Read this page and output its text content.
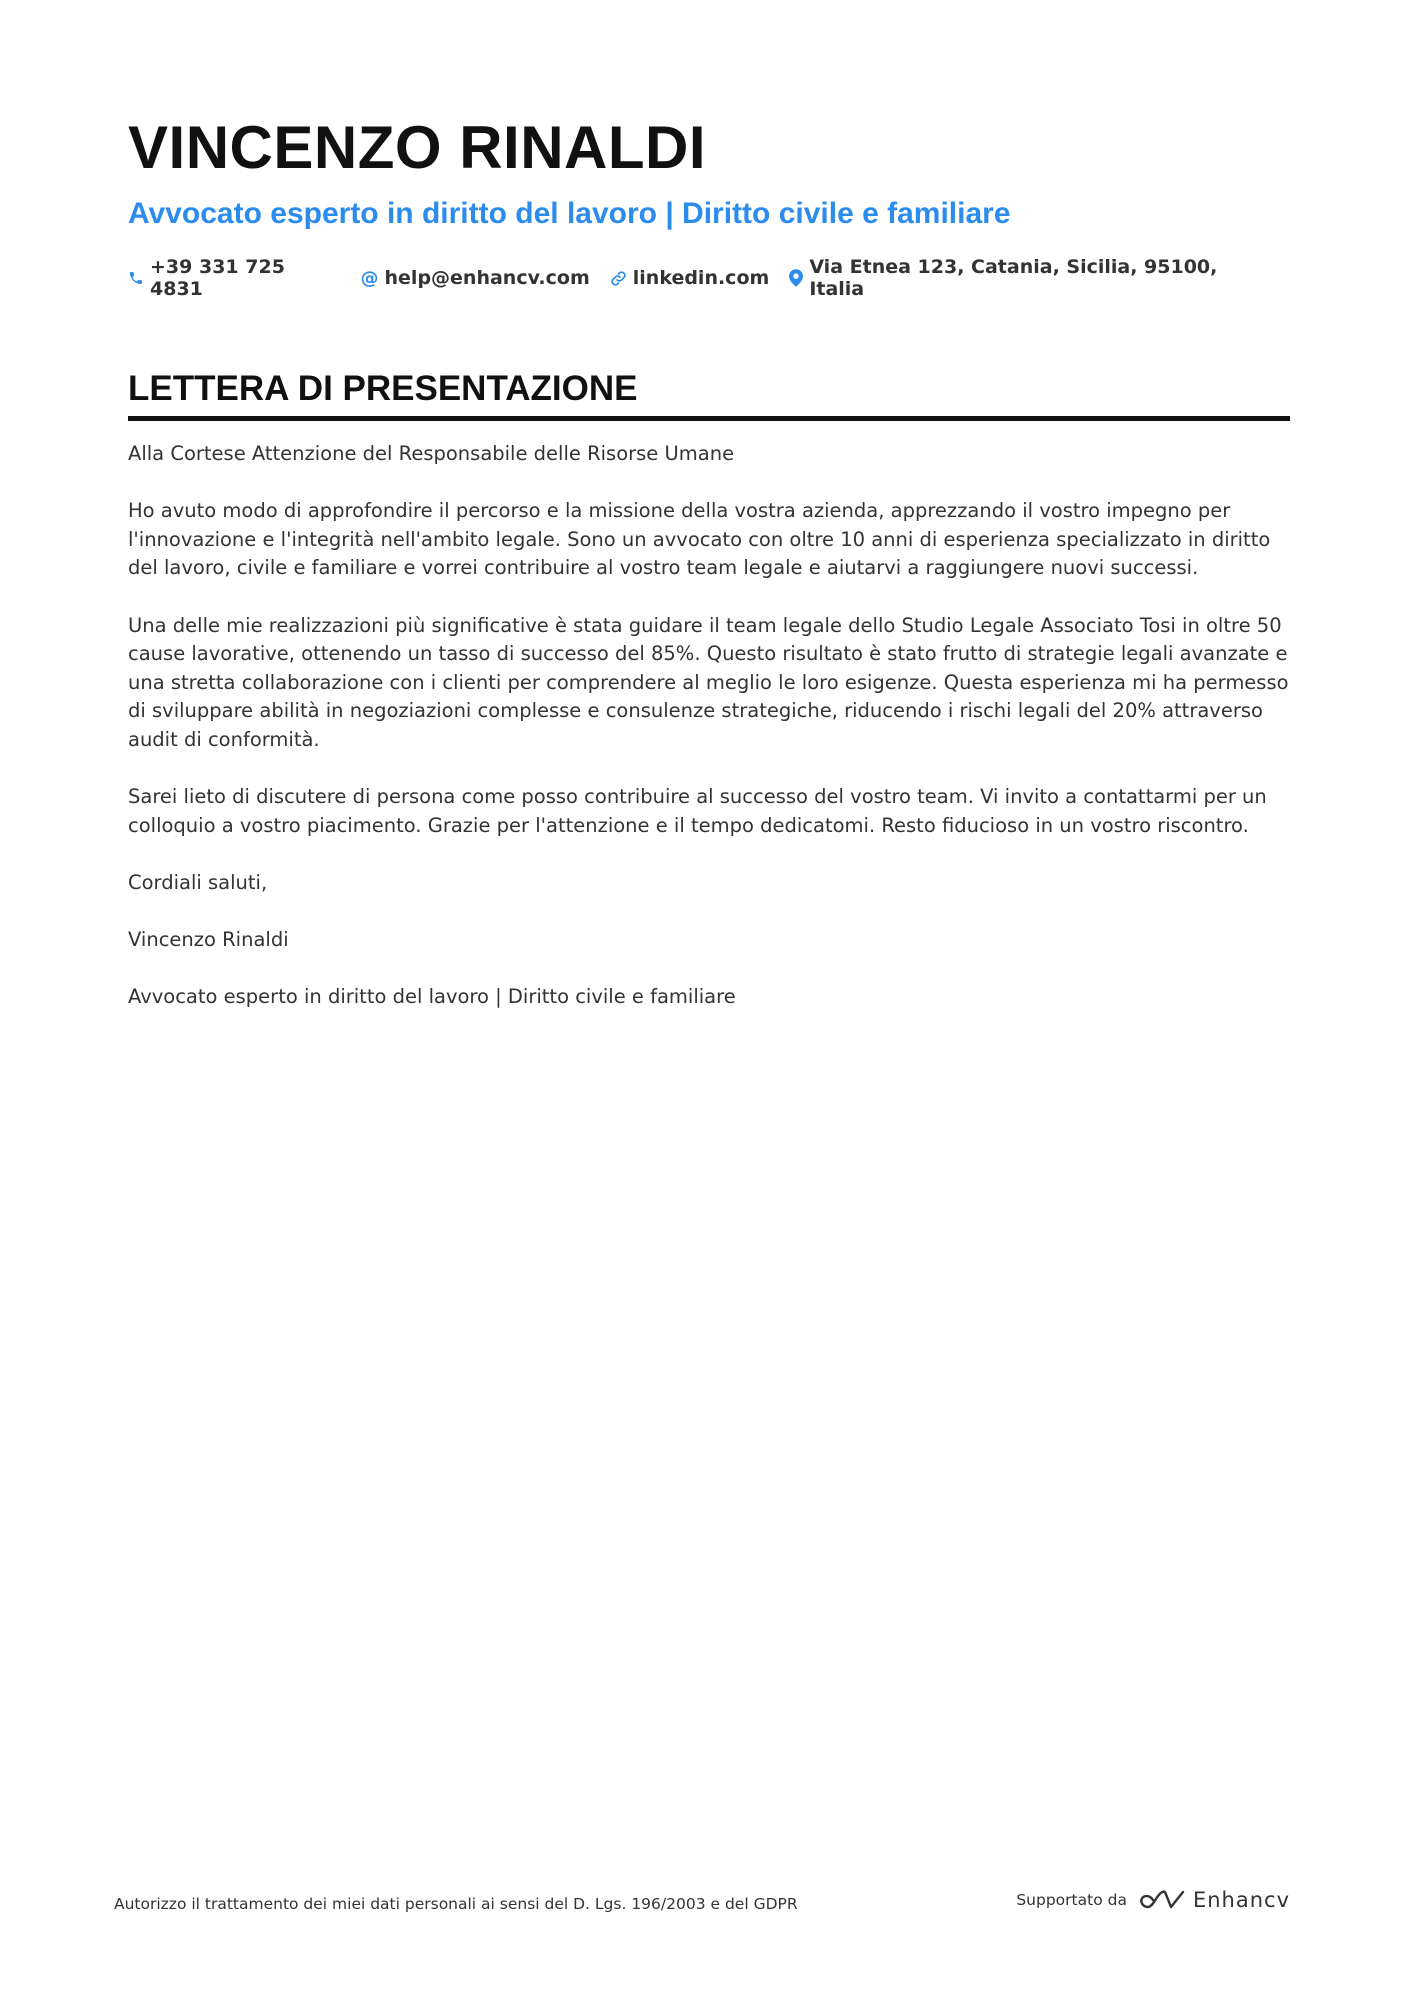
VINCENZO RINALDI
Avvocato esperto in diritto del lavoro | Diritto civile e familiare
+39 331 725 4831	@ help@enhancv.com linkedin.com Via Etnea 123, Catania, Sicilia, 95100, Italia
LETTERA DI PRESENTAZIONE

Alla Cortese Attenzione del Responsabile delle Risorse Umane

Ho avuto modo di approfondire il percorso e la missione della vostra azienda, apprezzando il vostro impegno per l'innovazione e l'integrità nell'ambito legale. Sono un avvocato con oltre 10 anni di esperienza specializzato in diritto del lavoro, civile e familiare e vorrei contribuire al vostro team legale e aiutarvi a raggiungere nuovi successi.

Una delle mie realizzazioni più significative è stata guidare il team legale dello Studio Legale Associato Tosi in oltre 50 cause lavorative, ottenendo un tasso di successo del 85%. Questo risultato è stato frutto di strategie legali avanzate e una stretta collaborazione con i clienti per comprendere al meglio le loro esigenze. Questa esperienza mi ha permesso di sviluppare abilità in negoziazioni complesse e consulenze strategiche, riducendo i rischi legali del 20% attraverso audit di conformità.

Sarei lieto di discutere di persona come posso contribuire al successo del vostro team. Vi invito a contattarmi per un colloquio a vostro piacimento. Grazie per l'attenzione e il tempo dedicatomi. Resto fiducioso in un vostro riscontro.

Cordiali saluti,

Vincenzo Rinaldi

Avvocato esperto in diritto del lavoro | Diritto civile e familiare

Autorizzo il trattamento dei miei dati personali ai sensi del D. Lgs. 196/2003 e del GDPR	Supportato da	Enhancv
